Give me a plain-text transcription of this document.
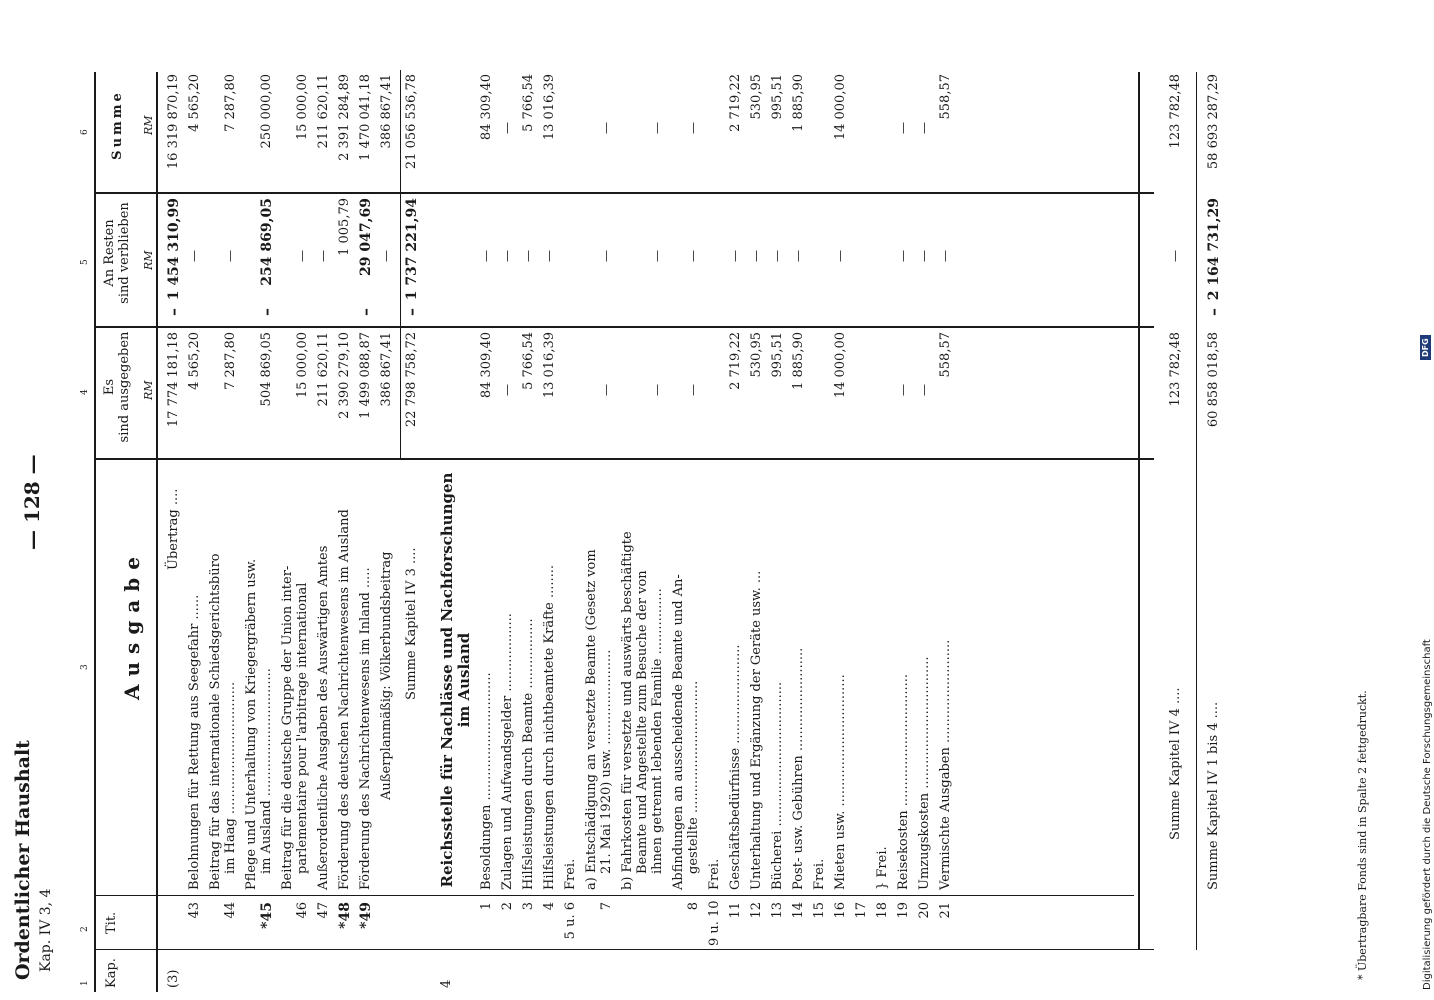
Ordentlicher Haushalt Kap. IV 3, 4
— 128 —
1
2
3
4
5
6
Kap.
Tit.
Ausgabe
Es sind ausgegeben
An Resten sind verblieben
Summe
RM
RM
RM
(3)
Übertrag ....
17 774 181,18
–
1 454 310,99
16 319 870,19
43
Belohnungen für Rettung aus Seegefahr ......
4 565,20
—
4 565,20
44
Beitrag für das internationale Schiedsgerichtsbüro im Haag ................................
7 287,80
—
7 287,80
*45
Pflege und Unterhaltung von Kriegergräbern usw. im Ausland ...............................
504 869,05
–
254 869,05
250 000,00
46
Beitrag für die deutsche Gruppe der Union inter- parlementaire pour l'arbitrage international
15 000,00
—
15 000,00
47
Außerordentliche Ausgaben des Auswärtigen Amtes
211 620,11
—
211 620,11
*48
Förderung des deutschen Nachrichtenwesens im Ausland
2 390 279,10
1 005,79
2 391 284,89
*49
Förderung des Nachrichtenwesens im Inland .....
1 499 088,87
–
29 047,69
1 470 041,18
Außerplanmäßig: Völkerbundsbeitrag
386 867,41
—
386 867,41
Summe Kapitel IV 3 ....
22 798 758,72
–
1 737 221,94
21 056 536,78
4
Reichsstelle für Nachlässe und Nachforschungen im Ausland
1
Besoldungen ...............................
84 309,40
—
84 309,40
2
Zulagen und Aufwandsgelder ...................
—
—
—
3
Hilfsleistungen durch Beamte .................
5 766,54
—
5 766,54
4
Hilfsleistungen durch nichtbeamtete Kräfte ........
13 016,39
—
13 016,39
5 u. 6
Frei.
7
a) Entschädigung an versetzte Beamte (Gesetz vom 21. Mai 1920) usw. .......................
—
—
—
b) Fahrkosten für versetzte und auswärts beschäftigte Beamte und Angestellte zum Besuche der von ihnen getrennt lebenden Familie ................
—
—
—
8
Abfindungen an ausscheidende Beamte und An- gestellte ................................
—
—
—
9 u. 10
Frei.
11
Geschäftsbedürfnisse ........................
2 719,22
—
2 719,22
12
Unterhaltung und Ergänzung der Geräte usw. ...
530,95
—
530,95
13
Bücherei ...................................
995,51
—
995,51
14
Post- usw. Gebühren .........................
1 885,90
—
1 885,90
15
Frei.
16
Mieten usw. ................................
14 000,00
—
14 000,00
17 18
} Frei.
19
Reisekosten ................................
—
—
—
20
Umzugskosten ................................
—
—
—
21
Vermischte Ausgaben .........................
558,57
—
558,57
Summe Kapitel IV 4 ....
123 782,48
—
123 782,48
Summe Kapitel IV 1 bis 4 ....
60 858 018,58
–
2 164 731,29
58 693 287,29
* Übertragbare Fonds sind in Spalte 2 fettgedruckt.	Digitalisierung gefördert durch die Deutsche Forschungsgemeinschaft
DFG
